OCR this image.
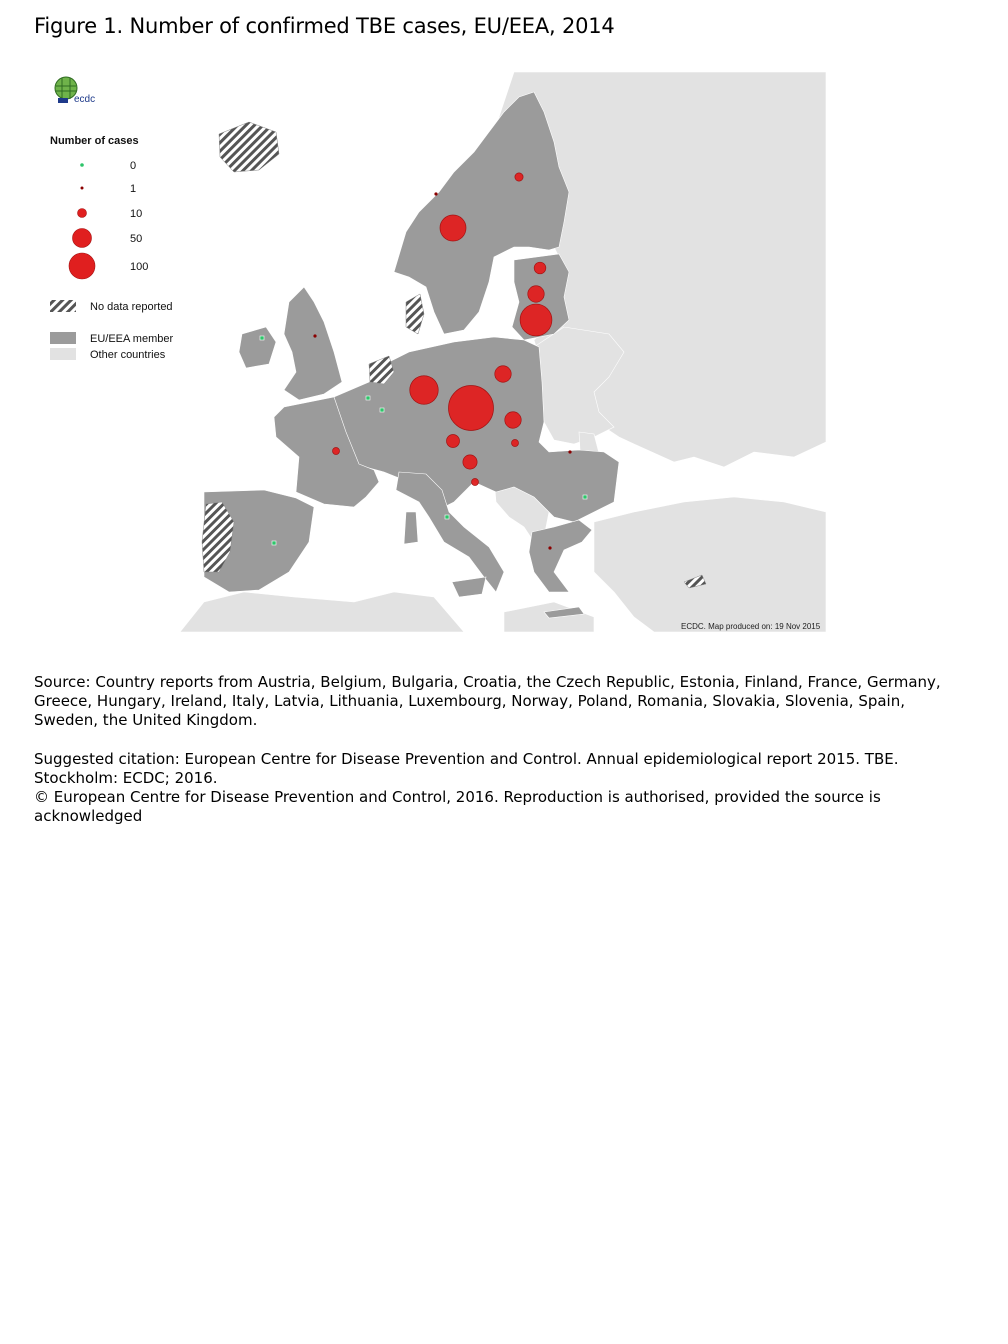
Figure 1. Number of confirmed TBE cases, EU/EEA, 2014
ecdc
Number of cases
0
1
10
50
100
No data reported
EU/EEA member
Other countries
ECDC. Map produced on: 19 Nov 2015
Source: Country reports from Austria, Belgium, Bulgaria, Croatia, the Czech Republic, Estonia, Finland, France, Germany, Greece, Hungary, Ireland, Italy, Latvia, Lithuania, Luxembourg, Norway, Poland, Romania, Slovakia, Slovenia, Spain, Sweden, the United Kingdom.
Suggested citation: European Centre for Disease Prevention and Control. Annual epidemiological report 2015. TBE. Stockholm: ECDC; 2016.
© European Centre for Disease Prevention and Control, 2016. Reproduction is authorised, provided the source is acknowledged
